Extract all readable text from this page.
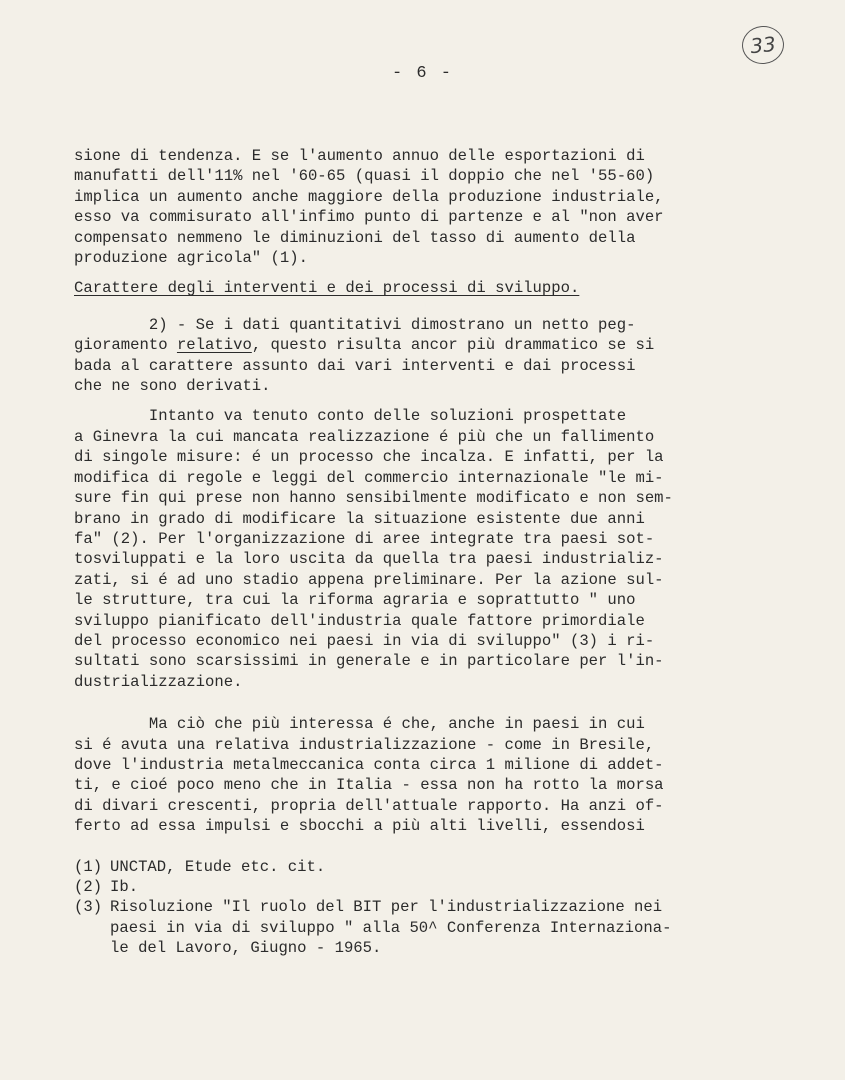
33
- 6 -

sione di tendenza. E se l'aumento annuo delle esportazioni di

manufatti dell'11% nel '60-65 (quasi il doppio che nel '55-60)

implica un aumento anche maggiore della produzione industriale,

esso va commisurato all'infimo punto di partenze e al "non aver

compensato nemmeno le diminuzioni del tasso di aumento della

produzione agricola" (1).

Carattere degli interventi e dei processi di sviluppo.

2) - Se i dati quantitativi dimostrano un netto peg-

gioramento relativo, questo risulta ancor più drammatico se si

bada al carattere assunto dai vari interventi e dai processi

che ne sono derivati.

Intanto va tenuto conto delle soluzioni prospettate

a Ginevra la cui mancata realizzazione é più che un fallimento

di singole misure: é un processo che incalza. E infatti, per la

modifica di regole e leggi del commercio internazionale "le mi-

sure fin qui prese non hanno sensibilmente modificato e non sem-

brano in grado di modificare la situazione esistente due anni

fa" (2). Per l'organizzazione di aree integrate tra paesi sot-

tosviluppati e la loro uscita da quella tra paesi industrializ-

zati, si é ad uno stadio appena preliminare. Per la azione sul-

le strutture, tra cui la riforma agraria e soprattutto " uno

sviluppo pianificato dell'industria quale fattore primordiale

del processo economico nei paesi in via di sviluppo" (3) i ri-

sultati sono scarsissimi in generale e in particolare per l'in-

dustrializzazione.

Ma ciò che più interessa é che, anche in paesi in cui

si é avuta una relativa industrializzazione - come in Bresile,

dove l'industria metalmeccanica conta circa 1 milione di addet-

ti, e cioé poco meno che in Italia - essa non ha rotto la morsa

di divari crescenti, propria dell'attuale rapporto. Ha anzi of-

ferto ad essa impulsi e sbocchi a più alti livelli, essendosi

(1) UNCTAD, Etude etc. cit.

(2) Ib.

(3) Risoluzione "Il ruolo del BIT per l'industrializzazione nei

paesi in via di sviluppo " alla 50^ Conferenza Internaziona-

le del Lavoro, Giugno - 1965.
